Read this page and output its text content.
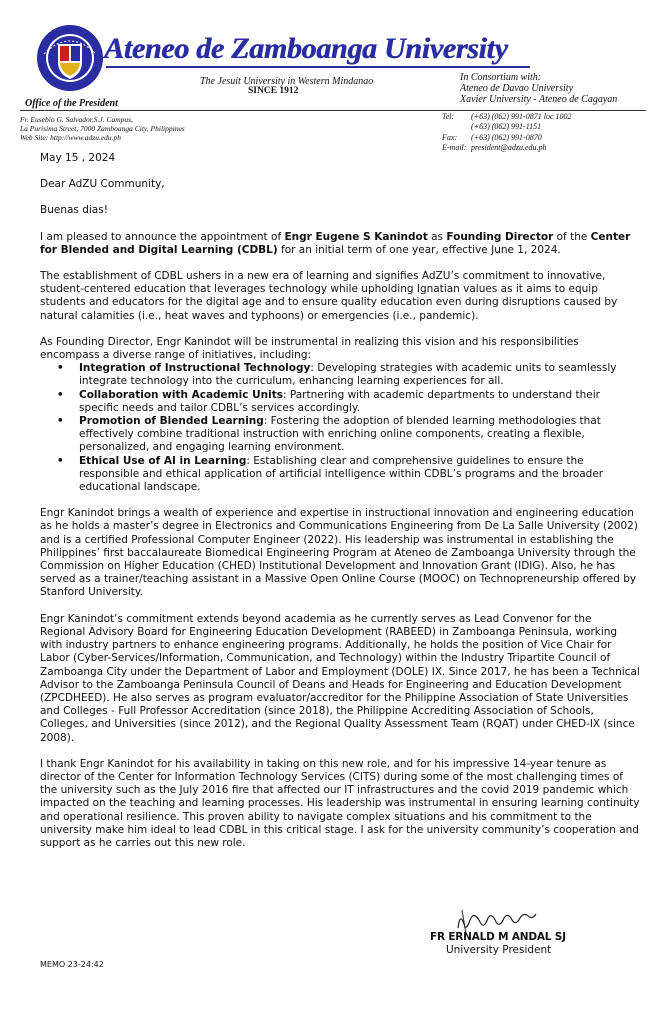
Ateneo de Zamboanga University
The Jesuit University in Western Mindanao
SINCE 1912
In Consortium with:
Ateneo de Davao University
Xavier University - Ateneo de Cagayan
Office of the President
Fr. Eusebio G. Salvador,S.J. Campus,
La Purisima Street, 7000 Zamboanga City, Philippines
Web Site: http://www.adzu.edu.ph
Tel: (+63) (062) 991-0871 loc 1002
(+63) (062) 991-1151
Fax: (+63) (062) 991-0870
E-mail: president@adzu.edu.ph

May 15 , 2024

Dear AdZU Community,

Buenas dias!

I am pleased to announce the appointment of Engr Eugene S Kanindot as Founding Director of the Center for Blended and Digital Learning (CDBL) for an initial term of one year, effective June 1, 2024.

The establishment of CDBL ushers in a new era of learning and signifies AdZU’s commitment to innovative, student-centered education that leverages technology while upholding Ignatian values as it aims to equip students and educators for the digital age and to ensure quality education even during disruptions caused by natural calamities (i.e., heat waves and typhoons) or emergencies (i.e., pandemic).

As Founding Director, Engr Kanindot will be instrumental in realizing this vision and his responsibilities encompass a diverse range of initiatives, including:

• Integration of Instructional Technology: Developing strategies with academic units to seamlessly integrate technology into the curriculum, enhancing learning experiences for all.
• Collaboration with Academic Units: Partnering with academic departments to understand their specific needs and tailor CDBL’s services accordingly.
• Promotion of Blended Learning: Fostering the adoption of blended learning methodologies that effectively combine traditional instruction with enriching online components, creating a flexible, personalized, and engaging learning environment.
• Ethical Use of AI in Learning: Establishing clear and comprehensive guidelines to ensure the responsible and ethical application of artificial intelligence within CDBL’s programs and the broader educational landscape.

Engr Kanindot brings a wealth of experience and expertise in instructional innovation and engineering education as he holds a master’s degree in Electronics and Communications Engineering from De La Salle University (2002) and is a certified Professional Computer Engineer (2022). His leadership was instrumental in establishing the Philippines’ first baccalaureate Biomedical Engineering Program at Ateneo de Zamboanga University through the Commission on Higher Education (CHED) Institutional Development and Innovation Grant (IDIG). Also, he has served as a trainer/teaching assistant in a Massive Open Online Course (MOOC) on Technopreneurship offered by Stanford University.

Engr Kanindot’s commitment extends beyond academia as he currently serves as Lead Convenor for the Regional Advisory Board for Engineering Education Development (RABEED) in Zamboanga Peninsula, working with industry partners to enhance engineering programs. Additionally, he holds the position of Vice Chair for Labor (Cyber-Services/Information, Communication, and Technology) within the Industry Tripartite Council of Zamboanga City under the Department of Labor and Employment (DOLE) IX. Since 2017, he has been a Technical Advisor to the Zamboanga Peninsula Council of Deans and Heads for Engineering and Education Development (ZPCDHEED). He also serves as program evaluator/accreditor for the Philippine Association of State Universities and Colleges - Full Professor Accreditation (since 2018), the Philippine Accrediting Association of Schools, Colleges, and Universities (since 2012), and the Regional Quality Assessment Team (RQAT) under CHED-IX (since 2008).

I thank Engr Kanindot for his availability in taking on this new role, and for his impressive 14-year tenure as director of the Center for Information Technology Services (CITS) during some of the most challenging times of the university such as the July 2016 fire that affected our IT infrastructures and the covid 2019 pandemic which impacted on the teaching and learning processes. His leadership was instrumental in ensuring learning continuity and operational resilience. This proven ability to navigate complex situations and his commitment to the university make him ideal to lead CDBL in this critical stage. I ask for the university community’s cooperation and support as he carries out this new role.

FR ERNALD M ANDAL SJ
University President
MEMO 23-24:42
